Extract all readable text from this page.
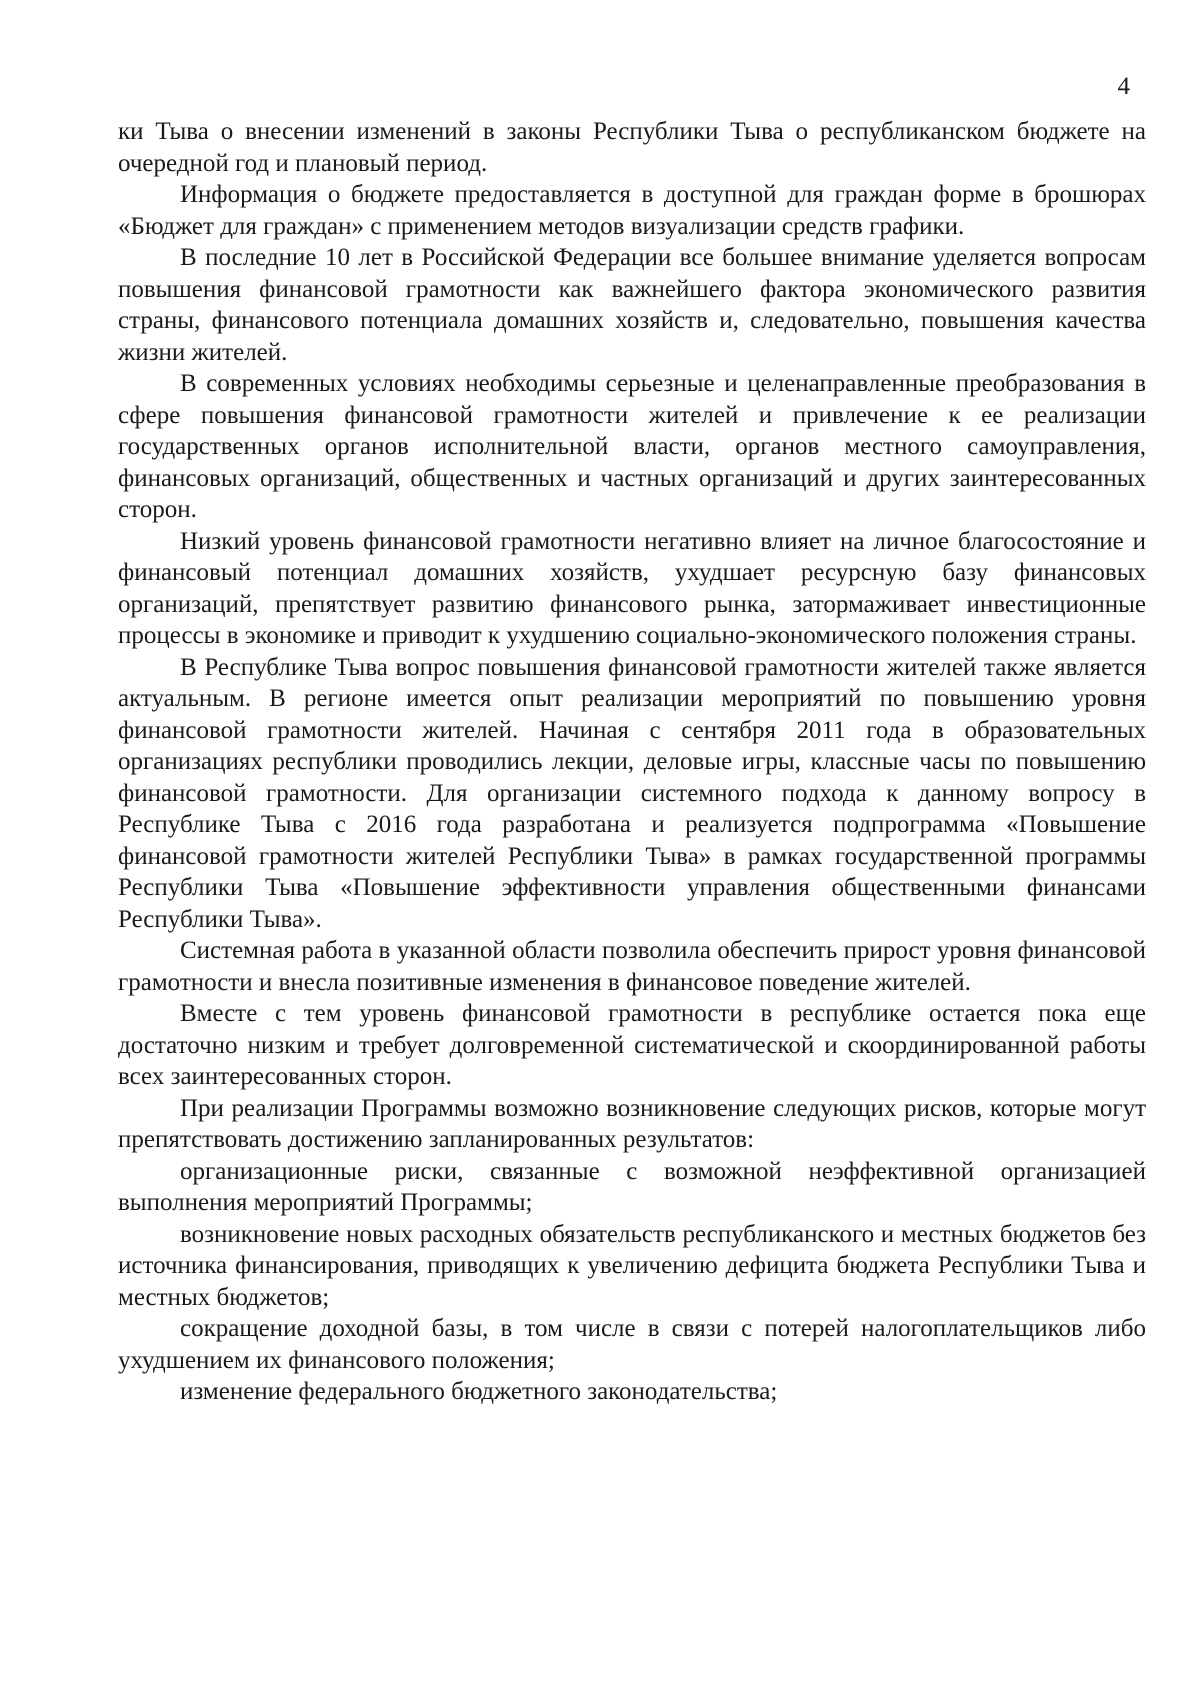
4

ки Тыва о внесении изменений в законы Республики Тыва о республиканском бюджете на очередной год и плановый период.

Информация о бюджете предоставляется в доступной для граждан форме в брошюрах «Бюджет для граждан» с применением методов визуализации средств графики.

В последние 10 лет в Российской Федерации все большее внимание уделяется вопросам повышения финансовой грамотности как важнейшего фактора экономического развития страны, финансового потенциала домашних хозяйств и, следовательно, повышения качества жизни жителей.

В современных условиях необходимы серьезные и целенаправленные преобразования в сфере повышения финансовой грамотности жителей и привлечение к ее реализации государственных органов исполнительной власти, органов местного самоуправления, финансовых организаций, общественных и частных организаций и других заинтересованных сторон.

Низкий уровень финансовой грамотности негативно влияет на личное благосостояние и финансовый потенциал домашних хозяйств, ухудшает ресурсную базу финансовых организаций, препятствует развитию финансового рынка, затормаживает инвестиционные процессы в экономике и приводит к ухудшению социально-экономического положения страны.

В Республике Тыва вопрос повышения финансовой грамотности жителей также является актуальным. В регионе имеется опыт реализации мероприятий по повышению уровня финансовой грамотности жителей. Начиная с сентября 2011 года в образовательных организациях республики проводились лекции, деловые игры, классные часы по повышению финансовой грамотности. Для организации системного подхода к данному вопросу в Республике Тыва с 2016 года разработана и реализуется подпрограмма «Повышение финансовой грамотности жителей Республики Тыва» в рамках государственной программы Республики Тыва «Повышение эффективности управления общественными финансами Республики Тыва».

Системная работа в указанной области позволила обеспечить прирост уровня финансовой грамотности и внесла позитивные изменения в финансовое поведение жителей.

Вместе с тем уровень финансовой грамотности в республике остается пока еще достаточно низким и требует долговременной систематической и скоординированной работы всех заинтересованных сторон.

При реализации Программы возможно возникновение следующих рисков, которые могут препятствовать достижению запланированных результатов:

организационные риски, связанные с возможной неэффективной организацией выполнения мероприятий Программы;

возникновение новых расходных обязательств республиканского и местных бюджетов без источника финансирования, приводящих к увеличению дефицита бюджета Республики Тыва и местных бюджетов;

сокращение доходной базы, в том числе в связи с потерей налогоплательщиков либо ухудшением их финансового положения;

изменение федерального бюджетного законодательства;
